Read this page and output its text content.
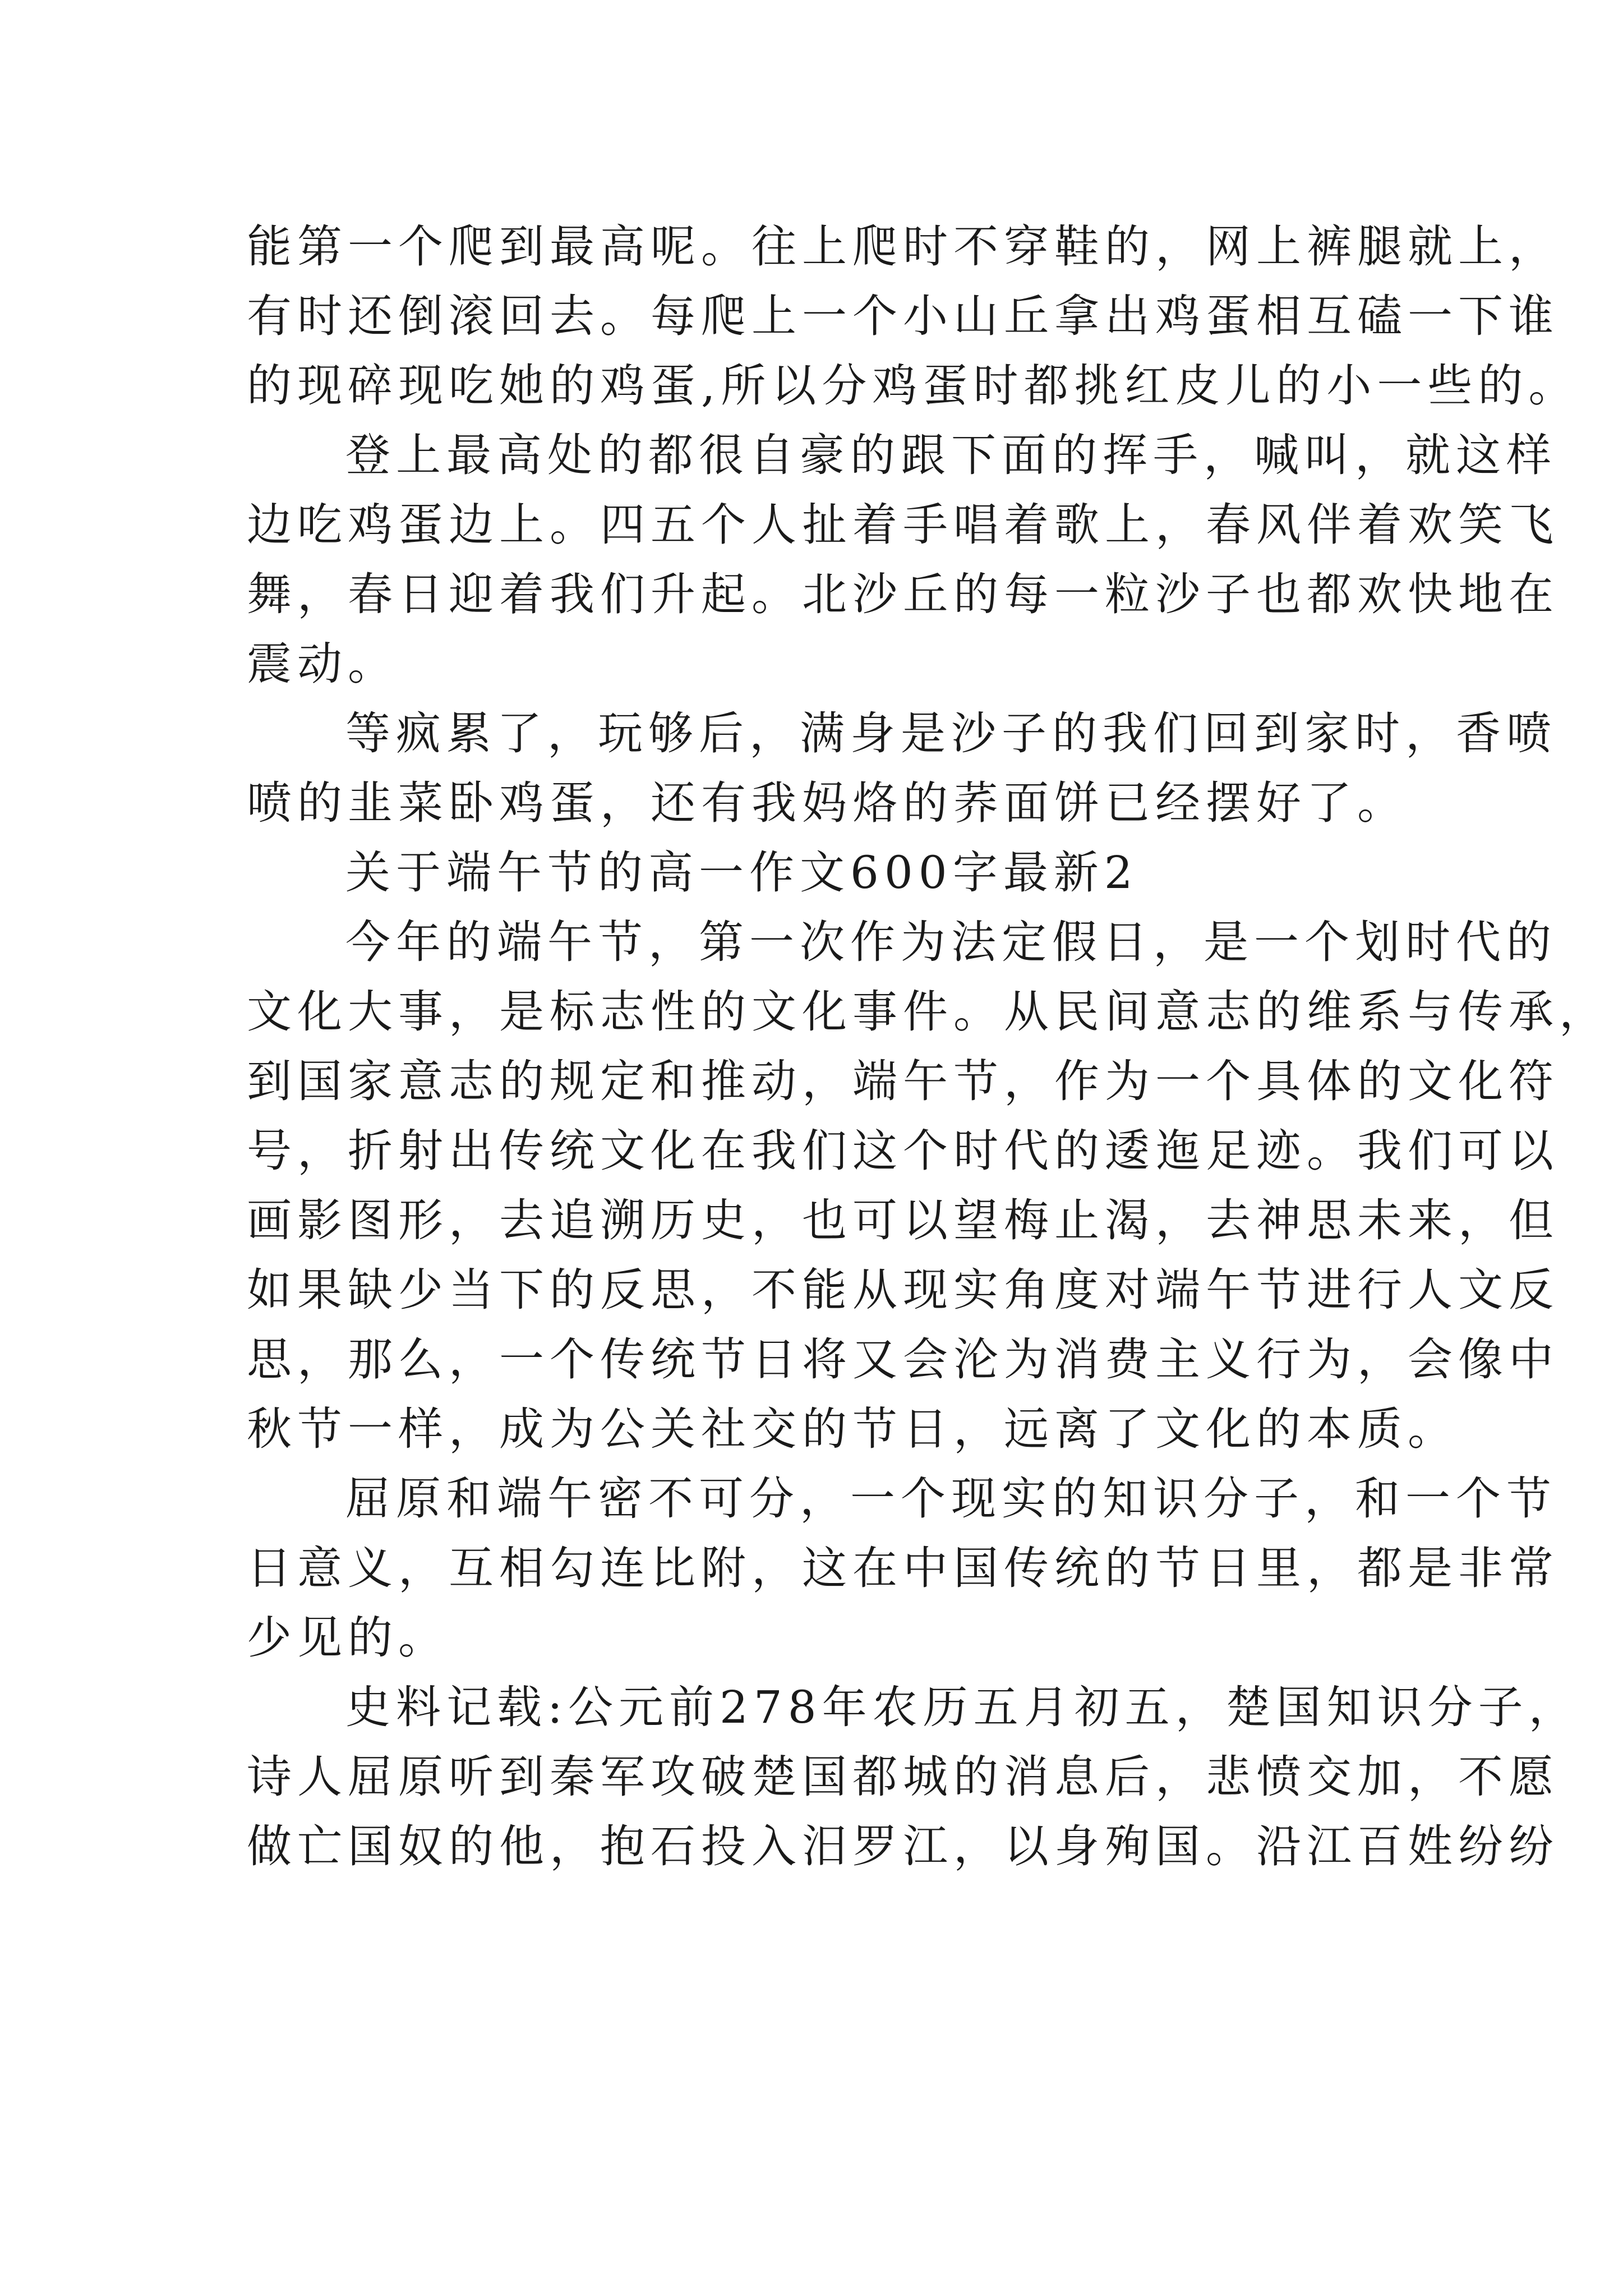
能第一个爬到最高呢。往上爬时不穿鞋的，网上裤腿就上，
有时还倒滚回去。每爬上一个小山丘拿出鸡蛋相互磕一下谁
的现碎现吃她的鸡蛋,所以分鸡蛋时都挑红皮儿的小一些的。
登上最高处的都很自豪的跟下面的挥手，喊叫，就这样
边吃鸡蛋边上。四五个人扯着手唱着歌上，春风伴着欢笑飞
舞，春日迎着我们升起。北沙丘的每一粒沙子也都欢快地在
震动。
等疯累了，玩够后，满身是沙子的我们回到家时，香喷
喷的韭菜卧鸡蛋，还有我妈烙的荞面饼已经摆好了。
关于端午节的高一作文600字最新2
今年的端午节，第一次作为法定假日，是一个划时代的
文化大事，是标志性的文化事件。从民间意志的维系与传承，
到国家意志的规定和推动，端午节，作为一个具体的文化符
号，折射出传统文化在我们这个时代的逶迤足迹。我们可以
画影图形，去追溯历史，也可以望梅止渴，去神思未来，但
如果缺少当下的反思，不能从现实角度对端午节进行人文反
思，那么，一个传统节日将又会沦为消费主义行为，会像中
秋节一样，成为公关社交的节日，远离了文化的本质。
屈原和端午密不可分，一个现实的知识分子，和一个节
日意义，互相勾连比附，这在中国传统的节日里，都是非常
少见的。
史料记载:公元前278年农历五月初五，楚国知识分子，
诗人屈原听到秦军攻破楚国都城的消息后，悲愤交加，不愿
做亡国奴的他，抱石投入汨罗江，以身殉国。沿江百姓纷纷
